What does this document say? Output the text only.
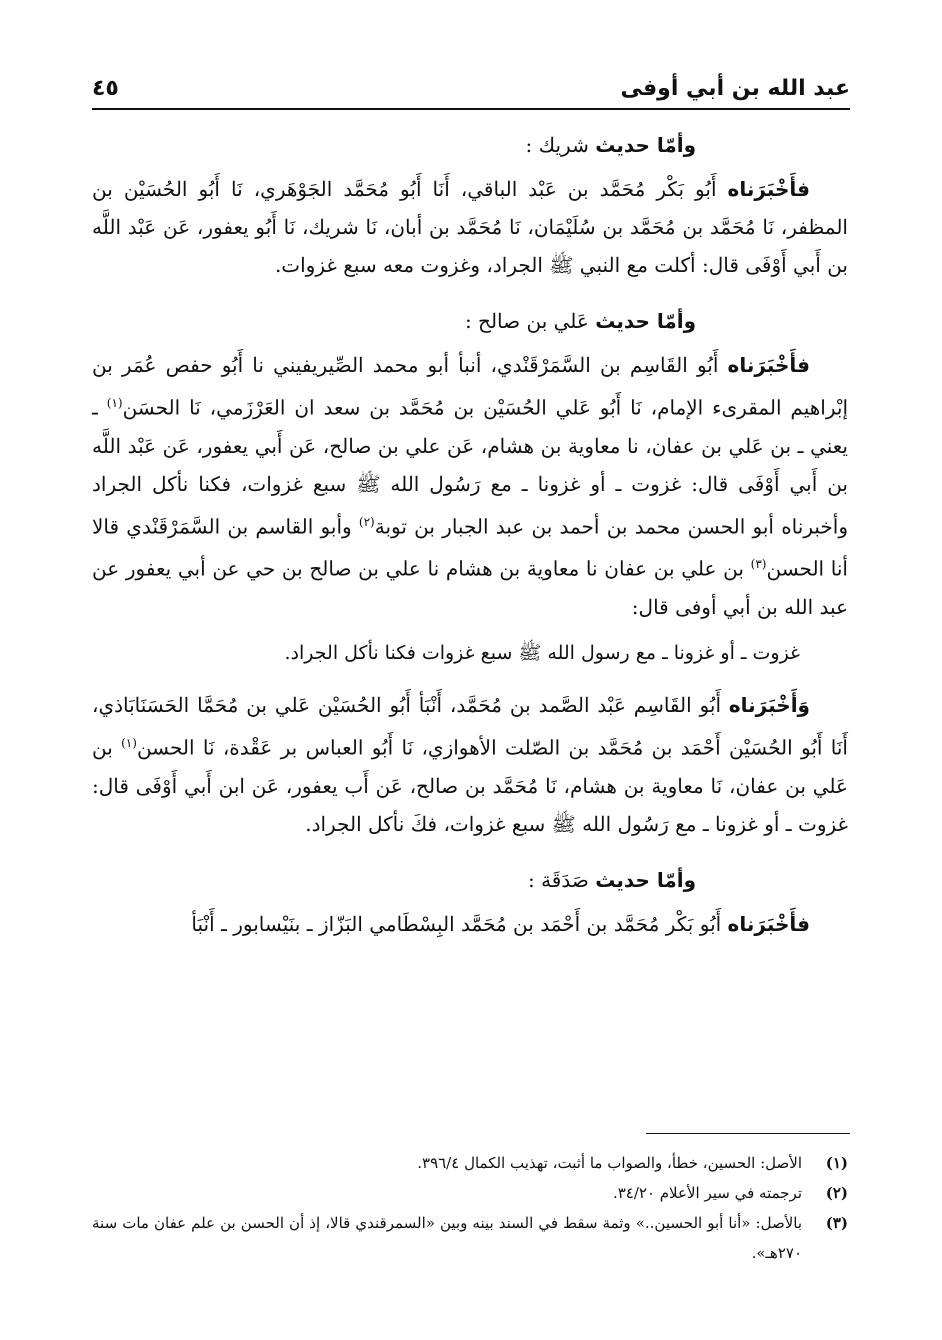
عبد الله بن أبي أوفى
٤٥
وأمّا حديث شريك :

فأَخْبَرَناه أَبُو بَكْر مُحَمَّد بن عَبْد الباقي، أَنَا أَبُو مُحَمَّد الجَوْهَري، نَا أَبُو الحُسَيْن بن المظفر، نَا مُحَمَّد بن مُحَمَّد بن سُلَيْمَان، نَا مُحَمَّد بن أبان، نَا شريك، نَا أَبُو يعفور، عَن عَبْد اللَّه بن أَبي أَوْفَى قال: أكلت مع النبي ﷺ الجراد، وغزوت معه سبع غزوات.

وأمّا حديث عَلي بن صالح :

فأَخْبَرَناه أَبُو القَاسِم بن السَّمَرْقَنْدي، أنبأ أبو محمد الصِّيريفيني نا أَبُو حفص عُمَر بن إبْراهيم المقرىء الإمام، نَا أَبُو عَلي الحُسَيْن بن مُحَمَّد بن سعد ان العَرْزَمي، نَا الحسَن$^{(١)}$ ـ يعني ـ بن عَلي بن عفان، نا معاوية بن هشام، عَن علي بن صالح، عَن أَبي يعفور، عَن عَبْد اللَّه بن أَبي أَوْفَى قال: غزوت ـ أو غزونا ـ مع رَسُول الله ﷺ سبع غزوات، فكنا نأكل الجراد وأخبرناه أبو الحسن محمد بن أحمد بن عبد الجبار بن توبة$^{(٢)}$ وأبو القاسم بن السَّمَرْقَنْدي قالا أنا الحسن$^{(٣)}$ بن علي بن عفان نا معاوية بن هشام نا علي بن صالح بن حي عن أبي يعفور عن عبد الله بن أبي أوفى قال:

غزوت ـ أو غزونا ـ مع رسول الله ﷺ سبع غزوات فكنا نأكل الجراد.

وَأَخْبَرَناه أَبُو القَاسِم عَبْد الصَّمد بن مُحَمَّد، أَنْبَأ أَبُو الحُسَيْن عَلي بن مُحَمَّا الحَسَنَابَاذي، أَنَا أَبُو الحُسَيْن أَحْمَد بن مُحَمَّد بن الصّلت الأهوازي، نَا أَبُو العباس بر عَقْدة، نَا الحسن$^{(١)}$ بن عَلي بن عفان، نَا معاوية بن هشام، نَا مُحَمَّد بن صالح، عَن أَب يعفور، عَن ابن أَبي أَوْفَى قال: غزوت ـ أو غزونا ـ مع رَسُول الله ﷺ سبع غزوات، فكَ نأكل الجراد.

وأمّا حديث صَدَقَة :

فأَخْبَرَناه أَبُو بَكْر مُحَمَّد بن أَحْمَد بن مُحَمَّد البِسْطَامي البَزّاز ـ بنَيْسابور ـ أَنْبَأ

(١)
الأصل: الحسين، خطأ، والصواب ما أثبت، تهذيب الكمال ٣٩٦/٤.
(٢)
ترجمته في سير الأعلام ٣٤/٢٠.
(٣)
بالأصل: «أنا أبو الحسين..» وثمة سقط في السند بينه وبين «السمرقندي قالا، إذ أن الحسن بن علم عفان مات سنة ٢٧٠هـ».
